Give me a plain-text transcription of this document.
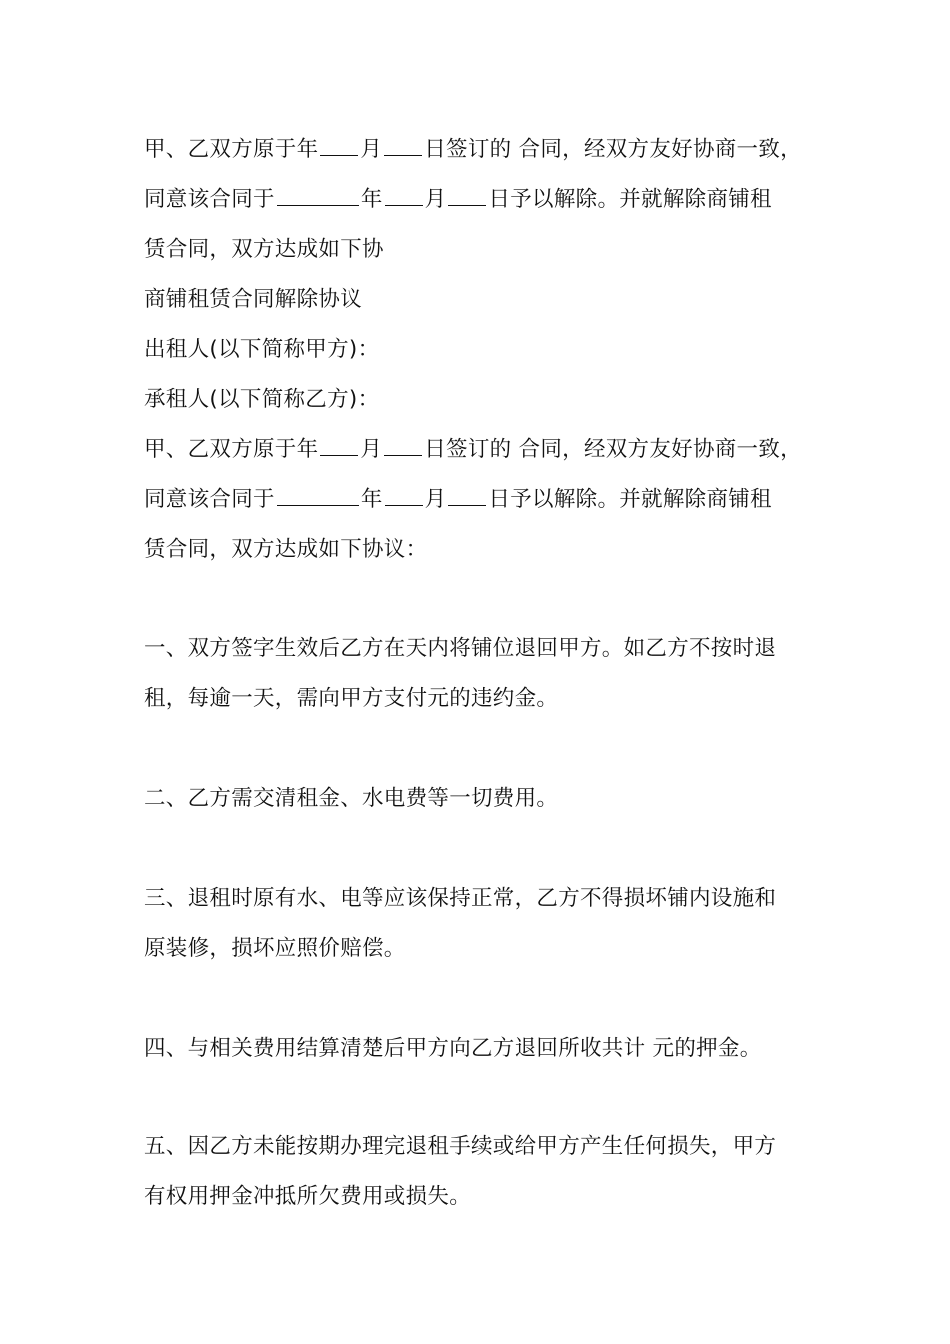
甲、乙双方原于年 月 日签订的 合同，经双方友好协商一致，
同意该合同于	年 月 日予以解除。并就解除商铺租
赁合同，双方达成如下协
商铺租赁合同解除协议
出租人(以下简称甲方)：
承租人(以下简称乙方)：
甲、乙双方原于年 月 日签订的 合同，经双方友好协商一致，
同意该合同于	年 月 日予以解除。并就解除商铺租
赁合同，双方达成如下协议：
一、双方签字生效后乙方在天内将铺位退回甲方。如乙方不按时退
租，每逾一天，需向甲方支付元的违约金。
二、乙方需交清租金、水电费等一切费用。
三、退租时原有水、电等应该保持正常，乙方不得损坏铺内设施和
原装修，损坏应照价赔偿。
四、与相关费用结算清楚后甲方向乙方退回所收共计 元的押金。
五、因乙方未能按期办理完退租手续或给甲方产生任何损失，甲方
有权用押金冲抵所欠费用或损失。
